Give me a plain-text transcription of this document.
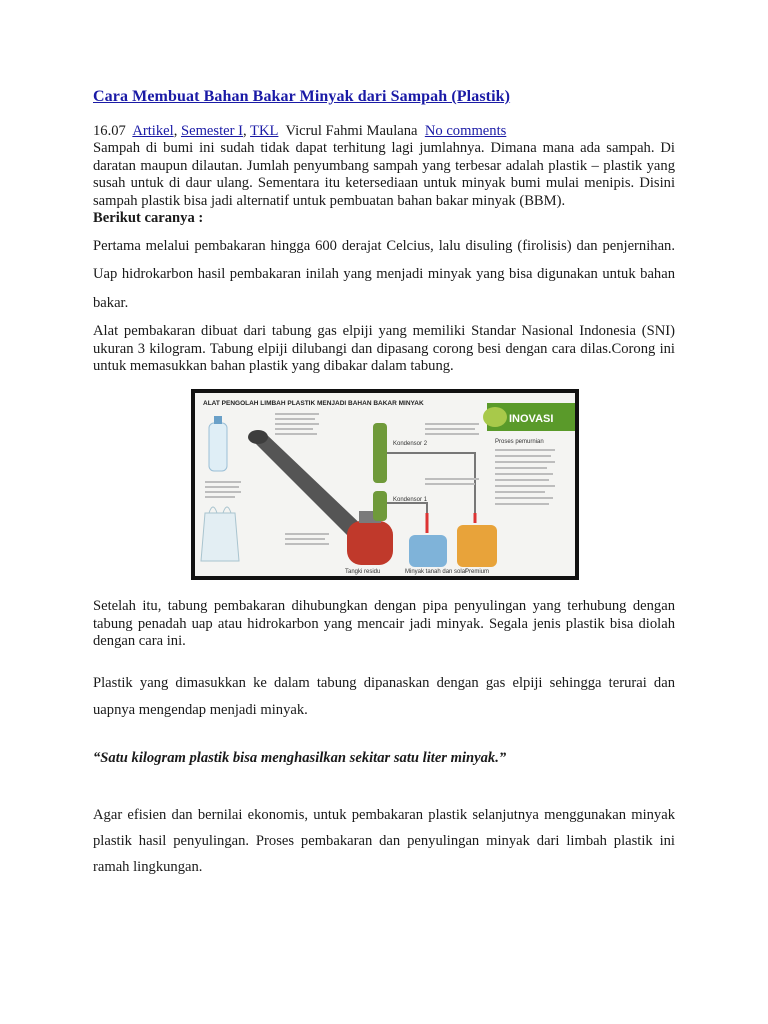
Cara Membuat Bahan Bakar Minyak dari Sampah (Plastik)
16.07 Artikel, Semester I, TKL Vicrul Fahmi Maulana No comments

Sampah di bumi ini sudah tidak dapat terhitung lagi jumlahnya. Dimana mana ada sampah. Di daratan maupun dilautan. Jumlah penyumbang sampah yang terbesar adalah plastik – plastik yang susah untuk di daur ulang. Sementara itu ketersediaan untuk minyak bumi mulai menipis. Disini sampah plastik bisa jadi alternatif untuk pembuatan bahan bakar minyak (BBM).

Berikut caranya :

Pertama melalui pembakaran hingga 600 derajat Celcius, lalu disuling (firolisis) dan penjernihan. Uap hidrokarbon hasil pembakaran inilah yang menjadi minyak yang bisa digunakan untuk bahan bakar.

Alat pembakaran dibuat dari tabung gas elpiji yang memiliki Standar Nasional Indonesia (SNI) ukuran 3 kilogram. Tabung elpiji dilubangi dan dipasang corong besi dengan cara dilas.Corong ini untuk memasukkan bahan plastik yang dibakar dalam tabung.

ALAT PENGOLAH LIMBAH PLASTIK MENJADI BAHAN BAKAR MINYAK
Kondensor 2
Kondensor 1
Tangki residu	Minyak tanah dan solar
Premium
INOVASI
Proses pemurnian

Setelah itu, tabung pembakaran dihubungkan dengan pipa penyulingan yang terhubung dengan tabung penadah uap atau hidrokarbon yang mencair jadi minyak. Segala jenis plastik bisa diolah dengan cara ini.

Plastik yang dimasukkan ke dalam tabung dipanaskan dengan gas elpiji sehingga terurai dan uapnya mengendap menjadi minyak.

“Satu kilogram plastik bisa menghasilkan sekitar satu liter minyak.”

Agar efisien dan bernilai ekonomis, untuk pembakaran plastik selanjutnya menggunakan minyak plastik hasil penyulingan. Proses pembakaran dan penyulingan minyak dari limbah plastik ini ramah lingkungan.
